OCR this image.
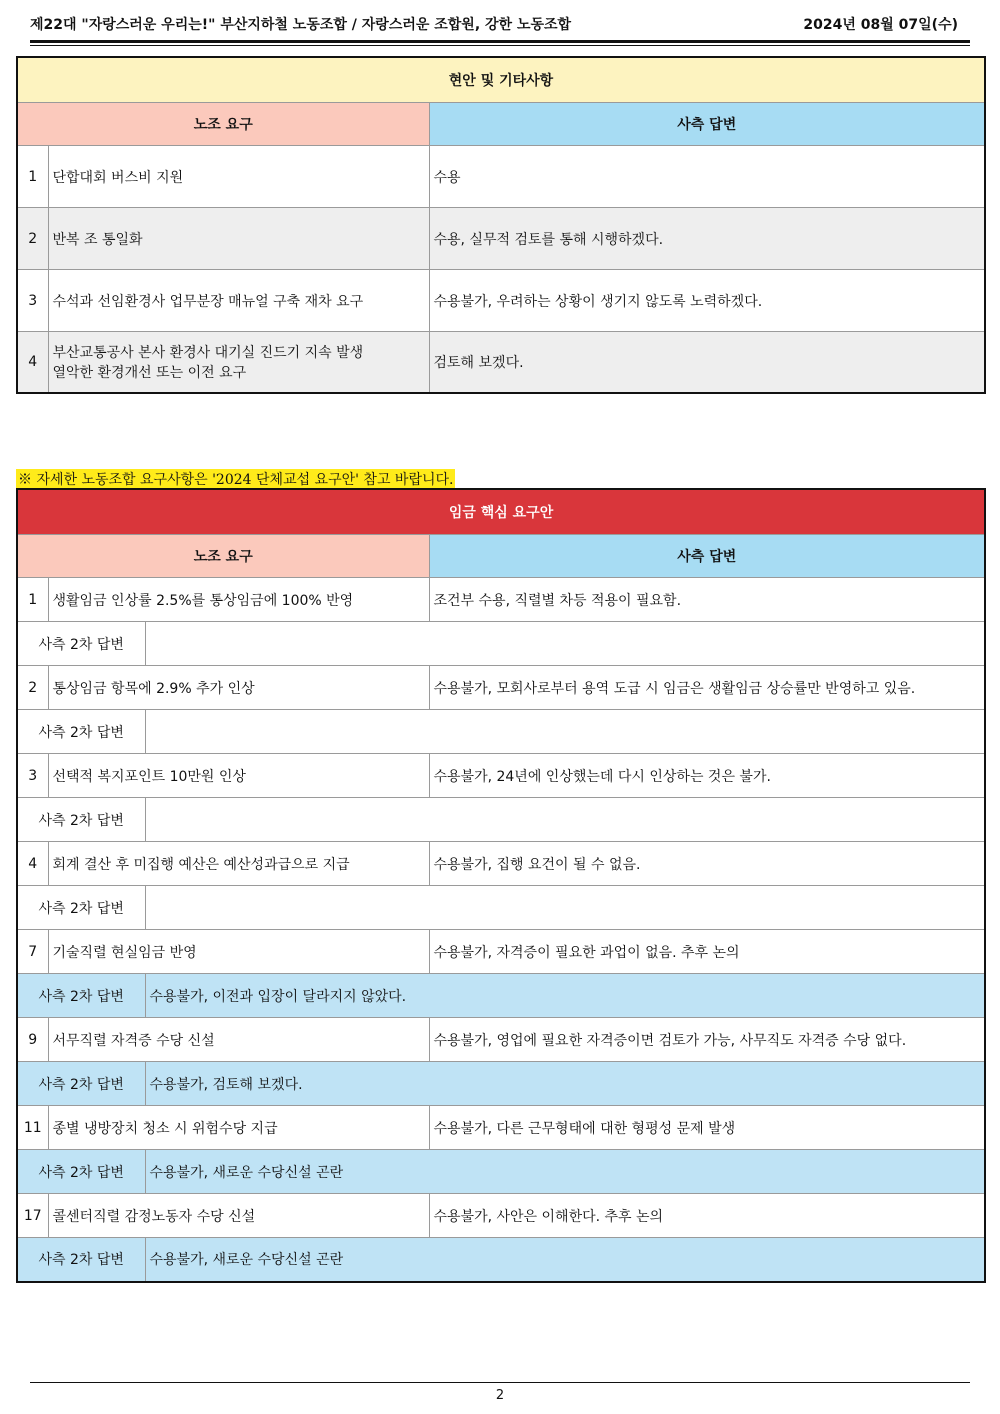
제22대 "자랑스러운 우리는!" 부산지하철 노동조합 / 자랑스러운 조합원, 강한 노동조합	2024년 08월 07일(수)
현안 및 기타사항		
노조 요구		사측 답변
1	단합대회 버스비 지원	수용
2	반복 조 통일화	수용, 실무적 검토를 통해 시행하겠다.
3	수석과 선임환경사 업무분장 매뉴얼 구축 재차 요구	수용불가, 우려하는 상황이 생기지 않도록 노력하겠다.
4	부산교통공사 본사 환경사 대기실 진드기 지속 발생
열악한 환경개선 또는 이전 요구	검토해 보겠다.
※ 자세한 노동조합 요구사항은 '2024 단체교섭 요구안' 참고 바랍니다.
임금 핵심 요구안			
노조 요구			사측 답변
1	생활임금 인상률 2.5%를 통상임금에 100% 반영		조건부 수용, 직렬별 차등 적용이 필요함.
사측 2차 답변			
2	통상임금 항목에 2.9% 추가 인상		수용불가, 모회사로부터 용역 도급 시 임금은 생활임금 상승률만 반영하고 있음.
사측 2차 답변			
3	선택적 복지포인트 10만원 인상		수용불가, 24년에 인상했는데 다시 인상하는 것은 불가.
사측 2차 답변			
4	회계 결산 후 미집행 예산은 예산성과급으로 지급		수용불가, 집행 요건이 될 수 없음.
사측 2차 답변			
7	기술직렬 현실임금 반영		수용불가, 자격증이 필요한 과업이 없음. 추후 논의
사측 2차 답변		수용불가, 이전과 입장이 달라지지 않았다.	
9	서무직렬 자격증 수당 신설		수용불가, 영업에 필요한 자격증이면 검토가 가능, 사무직도 자격증 수당 없다.
사측 2차 답변		수용불가, 검토해 보겠다.	
11	종별 냉방장치 청소 시 위험수당 지급		수용불가, 다른 근무형태에 대한 형평성 문제 발생
사측 2차 답변		수용불가, 새로운 수당신설 곤란	
17	콜센터직렬 감정노동자 수당 신설		수용불가, 사안은 이해한다. 추후 논의
사측 2차 답변		수용불가, 새로운 수당신설 곤란	
2
